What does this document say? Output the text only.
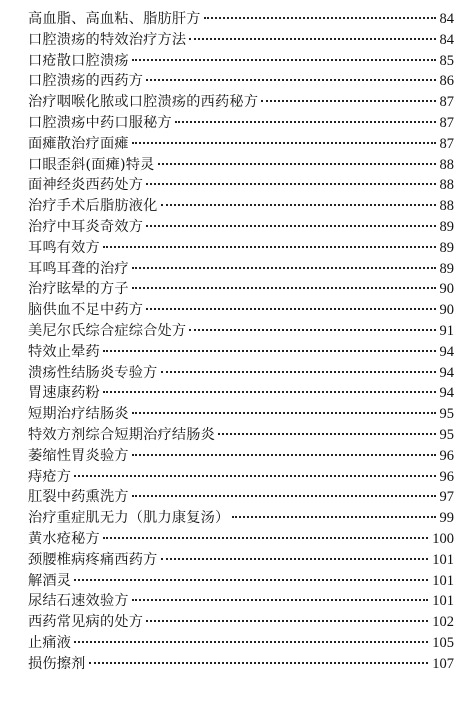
高血脂、高血粘、脂肪肝方	84
口腔溃疡的特效治疗方法	84
口疮散口腔溃疡	85
口腔溃疡的西药方	86
治疗咽喉化脓或口腔溃疡的西药秘方	87
口腔溃疡中药口服秘方	87
面瘫散治疗面瘫	87
口眼歪斜(面瘫)特灵	88
面神经炎西药处方	88
治疗手术后脂肪液化	88
治疗中耳炎奇效方	89
耳鸣有效方	89
耳鸣耳聋的治疗	89
治疗眩晕的方子	90
脑供血不足中药方	90
美尼尔氏综合症综合处方	91
特效止晕药	94
溃疡性结肠炎专验方	94
胃速康药粉	94
短期治疗结肠炎	95
特效方剂综合短期治疗结肠炎	95
萎缩性胃炎验方	96
痔疮方	96
肛裂中药熏洗方	97
治疗重症肌无力（肌力康复汤）	99
黄水疮秘方	100
颈腰椎病疼痛西药方	101
解酒灵	101
尿结石速效验方	101
西药常见病的处方	102
止痛液	105
损伤擦剂	107
